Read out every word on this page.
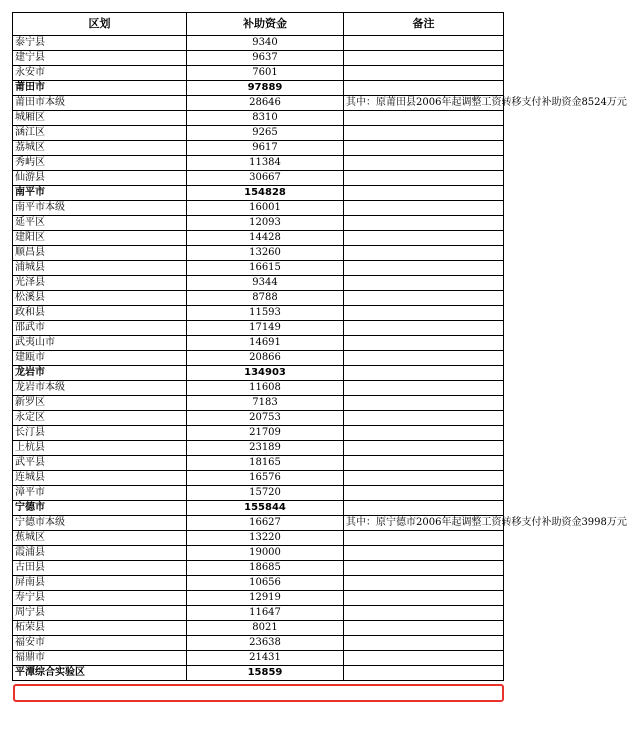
区划	补助资金	备注
泰宁县	9340	
建宁县	9637	
永安市	7601	
莆田市	97889	
莆田市本级	28646	其中：原莆田县2006年起调整工资转移支付补助资金8524万元
城厢区	8310	
涵江区	9265	
荔城区	9617	
秀屿区	11384	
仙游县	30667	
南平市	154828	
南平市本级	16001	
延平区	12093	
建阳区	14428	
顺昌县	13260	
浦城县	16615	
光泽县	9344	
松溪县	8788	
政和县	11593	
邵武市	17149	
武夷山市	14691	
建瓯市	20866	
龙岩市	134903	
龙岩市本级	11608	
新罗区	7183	
永定区	20753	
长汀县	21709	
上杭县	23189	
武平县	18165	
连城县	16576	
漳平市	15720	
宁德市	155844	
宁德市本级	16627	其中：原宁德市2006年起调整工资转移支付补助资金3998万元
蕉城区	13220	
霞浦县	19000	
古田县	18685	
屏南县	10656	
寿宁县	12919	
周宁县	11647	
柘荣县	8021	
福安市	23638	
福鼎市	21431	
平潭综合实验区	15859	
